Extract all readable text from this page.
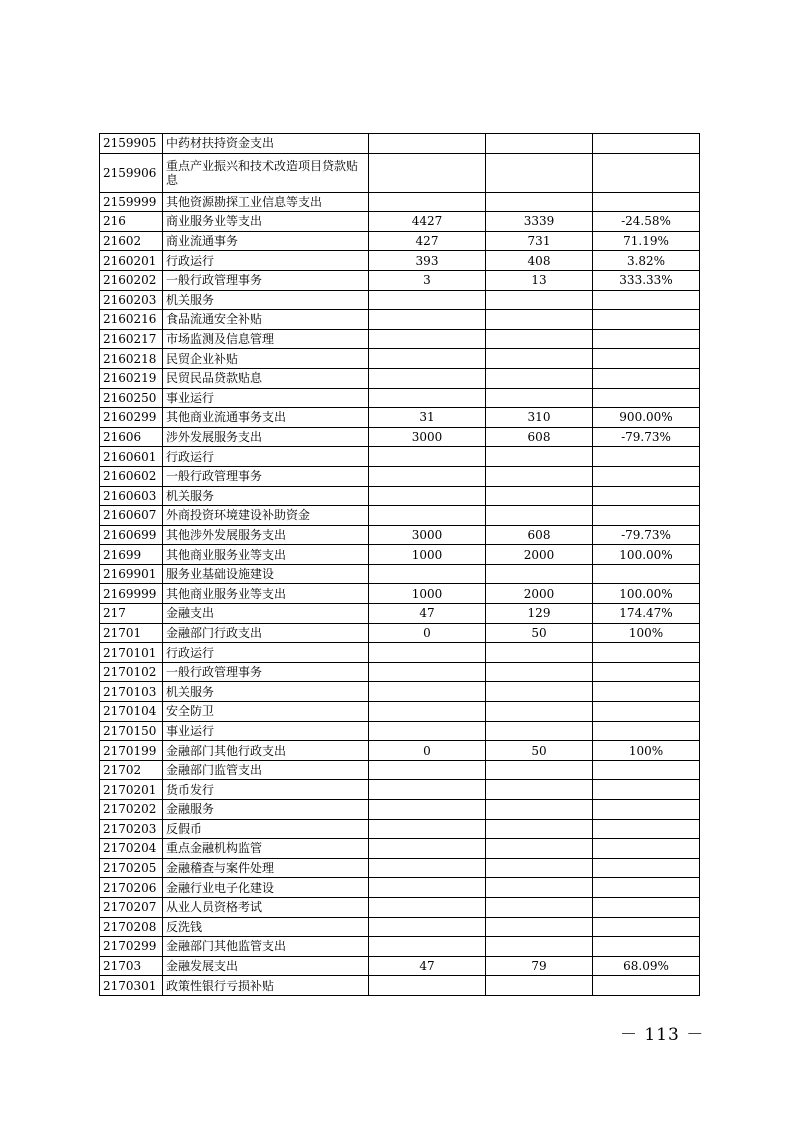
2159905	中药材扶持资金支出			
2159906	重点产业振兴和技术改造项目贷款贴息			
2159999	其他资源勘探工业信息等支出			
216	商业服务业等支出	4427	3339	-24.58%
21602	商业流通事务	427	731	71.19%
2160201	行政运行	393	408	3.82%
2160202	一般行政管理事务	3	13	333.33%
2160203	机关服务			
2160216	食品流通安全补贴			
2160217	市场监测及信息管理			
2160218	民贸企业补贴			
2160219	民贸民品贷款贴息			
2160250	事业运行			
2160299	其他商业流通事务支出	31	310	900.00%
21606	涉外发展服务支出	3000	608	-79.73%
2160601	行政运行			
2160602	一般行政管理事务			
2160603	机关服务			
2160607	外商投资环境建设补助资金			
2160699	其他涉外发展服务支出	3000	608	-79.73%
21699	其他商业服务业等支出	1000	2000	100.00%
2169901	服务业基础设施建设			
2169999	其他商业服务业等支出	1000	2000	100.00%
217	金融支出	47	129	174.47%
21701	金融部门行政支出	0	50	100%
2170101	行政运行			
2170102	一般行政管理事务			
2170103	机关服务			
2170104	安全防卫			
2170150	事业运行			
2170199	金融部门其他行政支出	0	50	100%
21702	金融部门监管支出			
2170201	货币发行			
2170202	金融服务			
2170203	反假币			
2170204	重点金融机构监管			
2170205	金融稽查与案件处理			
2170206	金融行业电子化建设			
2170207	从业人员资格考试			
2170208	反洗钱			
2170299	金融部门其他监管支出			
21703	金融发展支出	47	79	68.09%
2170301	政策性银行亏损补贴			
－ 113 －
